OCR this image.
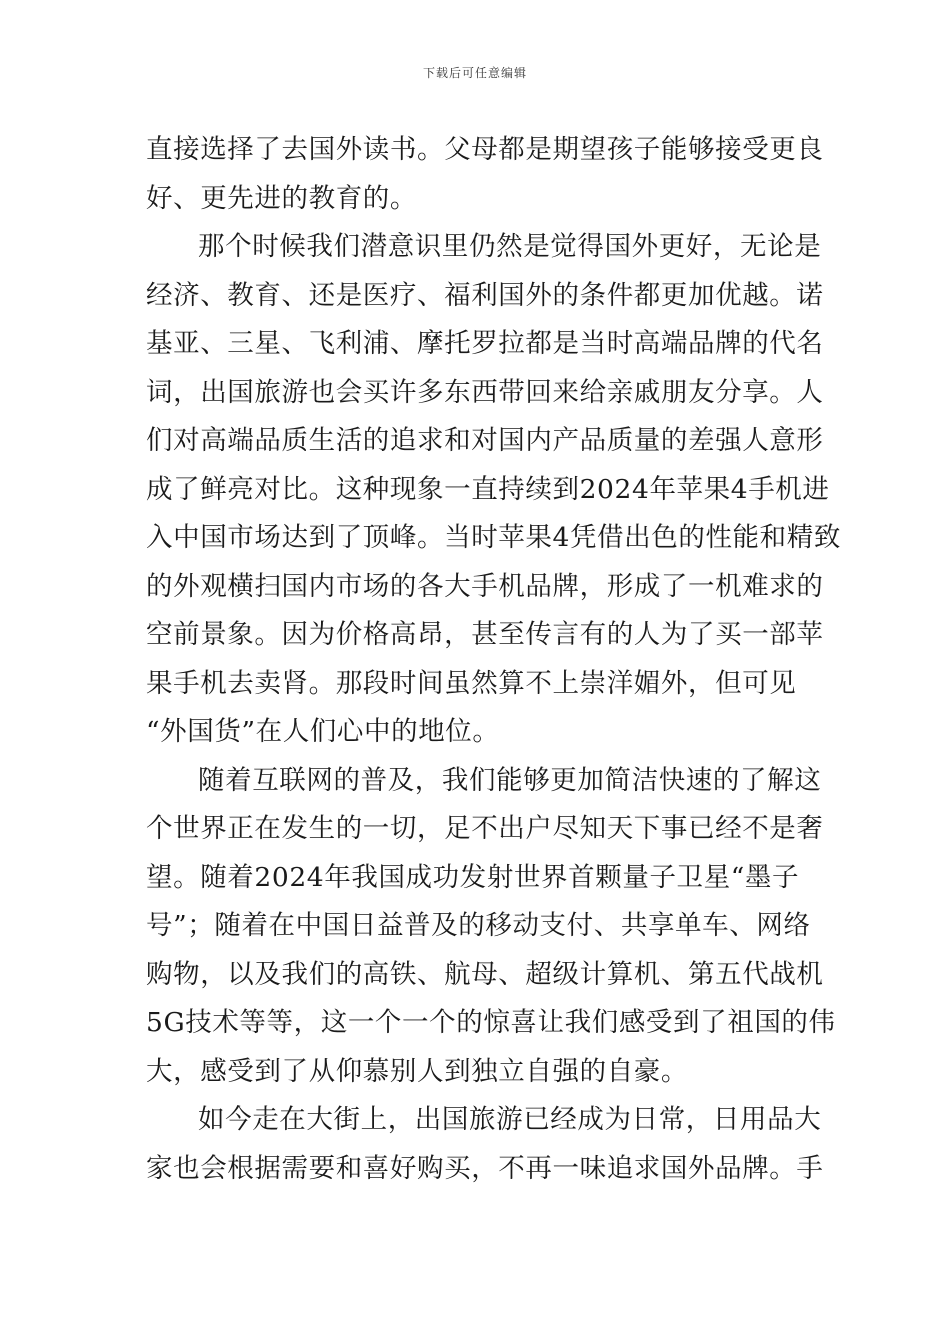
下载后可任意编辑
直接选择了去国外读书。父母都是期望孩子能够接受更良
好、更先进的教育的。
那个时候我们潜意识里仍然是觉得国外更好，无论是
经济、教育、还是医疗、福利国外的条件都更加优越。诺
基亚、三星、飞利浦、摩托罗拉都是当时高端品牌的代名
词，出国旅游也会买许多东西带回来给亲戚朋友分享。人
们对高端品质生活的追求和对国内产品质量的差强人意形
成了鲜亮对比。这种现象一直持续到2024年苹果4手机进
入中国市场达到了顶峰。当时苹果4凭借出色的性能和精致
的外观横扫国内市场的各大手机品牌，形成了一机难求的
空前景象。因为价格高昂，甚至传言有的人为了买一部苹
果手机去卖肾。那段时间虽然算不上崇洋媚外，但可见
“外国货”在人们心中的地位。
随着互联网的普及，我们能够更加简洁快速的了解这
个世界正在发生的一切，足不出户尽知天下事已经不是奢
望。随着2024年我国成功发射世界首颗量子卫星“墨子
号”；随着在中国日益普及的移动支付、共享单车、网络
购物，以及我们的高铁、航母、超级计算机、第五代战机
5G技术等等，这一个一个的惊喜让我们感受到了祖国的伟
大，感受到了从仰慕别人到独立自强的自豪。
如今走在大街上，出国旅游已经成为日常，日用品大
家也会根据需要和喜好购买，不再一味追求国外品牌。手
